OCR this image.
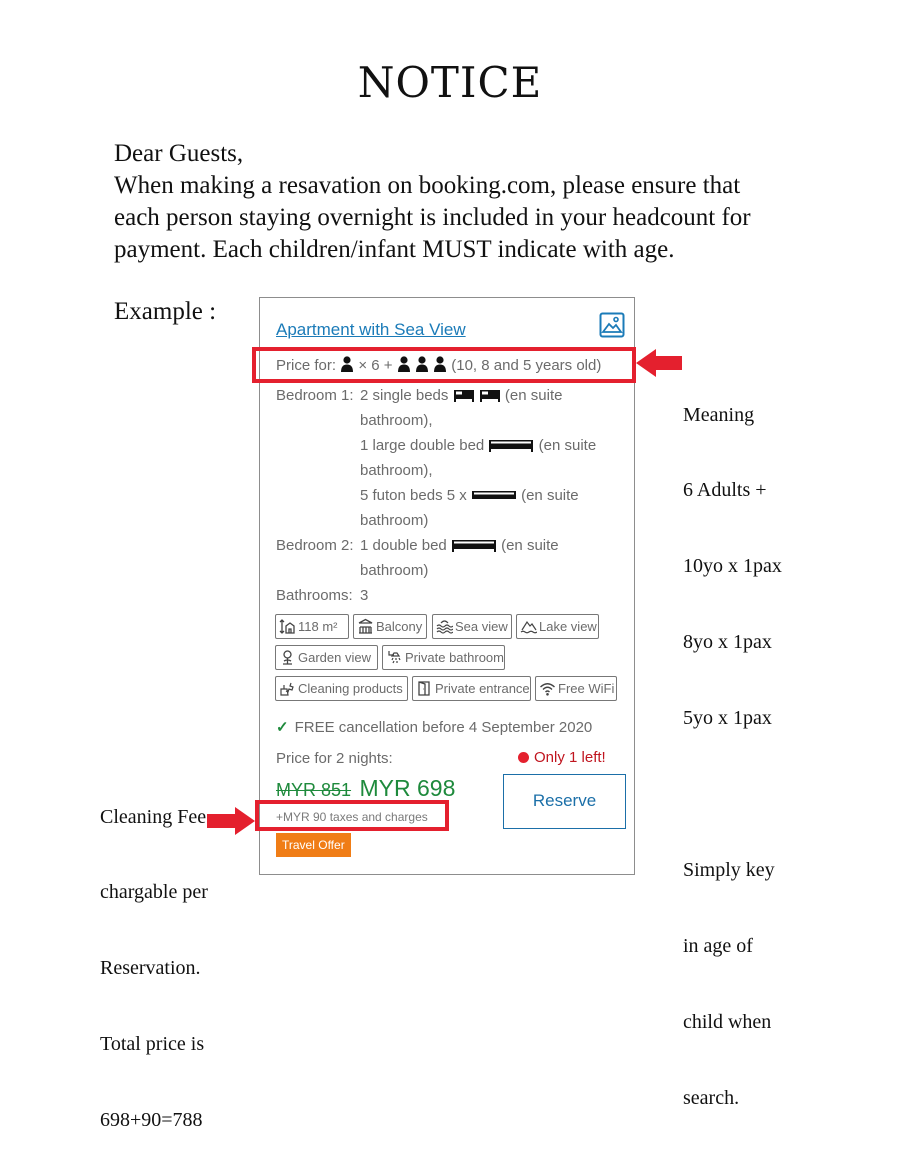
NOTICE
Dear Guests,
When making a resavation on booking.com, please ensure that
each person staying overnight is included in your headcount for
payment. Each children/infant MUST indicate with age.
Example :
Apartment with Sea View
Price for: × 6 +	(10, 8 and 5 years old)
Bedroom 1: 2 single beds	(en suite
bathroom),
1 large double bed	(en suite
bathroom),
5 futon beds 5 x	(en suite
bathroom)
Bedroom 2: 1 double bed	(en suite
bathroom)
Bathrooms: 3
118 m²	Balcony	Sea view	Lake view
Garden view	Private bathroom
Cleaning products	Private entrance	Free WiFi
✓ FREE cancellation before 4 September 2020
Price for 2 nights:	Only 1 left!
MYR 851 MYR 698
+MYR 90 taxes and charges
Reserve
Travel Offer

Meaning

6 Adults +

10yo x 1pax

8yo x 1pax

5yo x 1pax

Simply key

in age of

child when

search.

Cleaning Fee

chargable per

Reservation.

Total price is

698+90=788
